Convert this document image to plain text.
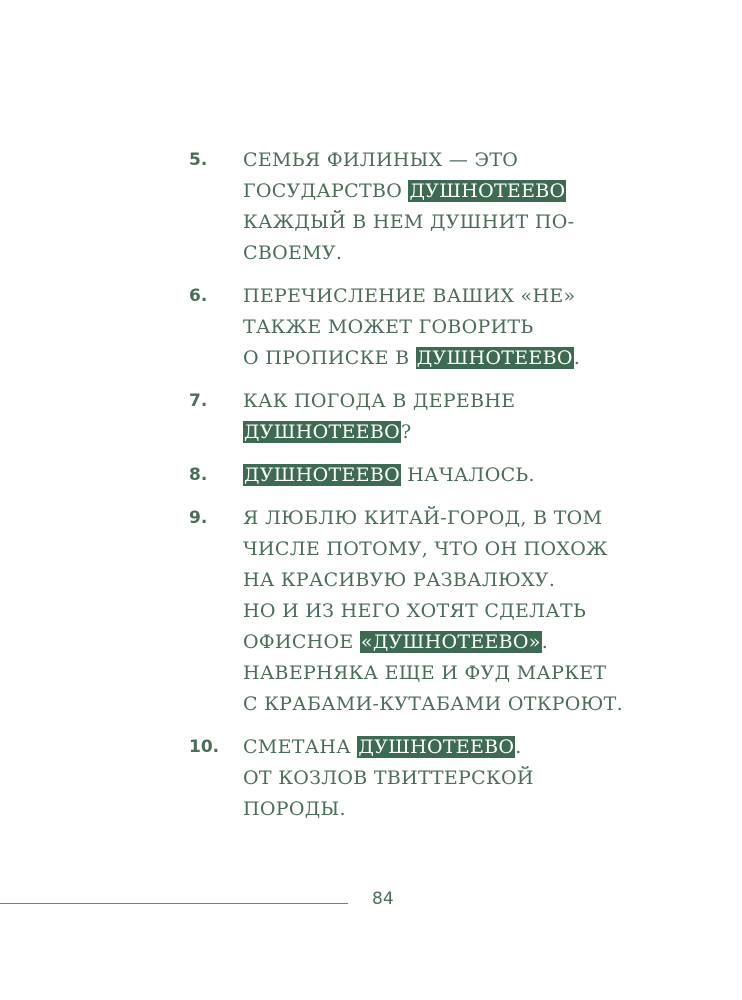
5.	СЕМЬЯ ФИЛИНЫХ — ЭТО
ГОСУДАРСТВО ДУШНОТЕЕВО
КАЖДЫЙ В НЕМ ДУШНИТ ПО-
СВОЕМУ.
6.	ПЕРЕЧИСЛЕНИЕ ВАШИХ «НЕ»
ТАКЖЕ МОЖЕТ ГОВОРИТЬ
О ПРОПИСКЕ В ДУШНОТЕЕВО.
7.	КАК ПОГОДА В ДЕРЕВНЕ
ДУШНОТЕЕВО?
8.	ДУШНОТЕЕВО НАЧАЛОСЬ.
9.	Я ЛЮБЛЮ КИТАЙ-ГОРОД, В ТОМ
ЧИСЛЕ ПОТОМУ, ЧТО ОН ПОХОЖ
НА КРАСИВУЮ РАЗВАЛЮХУ.
НО И ИЗ НЕГО ХОТЯТ СДЕЛАТЬ
ОФИСНОЕ «ДУШНОТЕЕВО».
НАВЕРНЯКА ЕЩЕ И ФУД МАРКЕТ
С КРАБАМИ-КУТАБАМИ ОТКРОЮТ.
10.	СМЕТАНА ДУШНОТЕЕВО.
ОТ КОЗЛОВ ТВИТТЕРСКОЙ
ПОРОДЫ.
84
